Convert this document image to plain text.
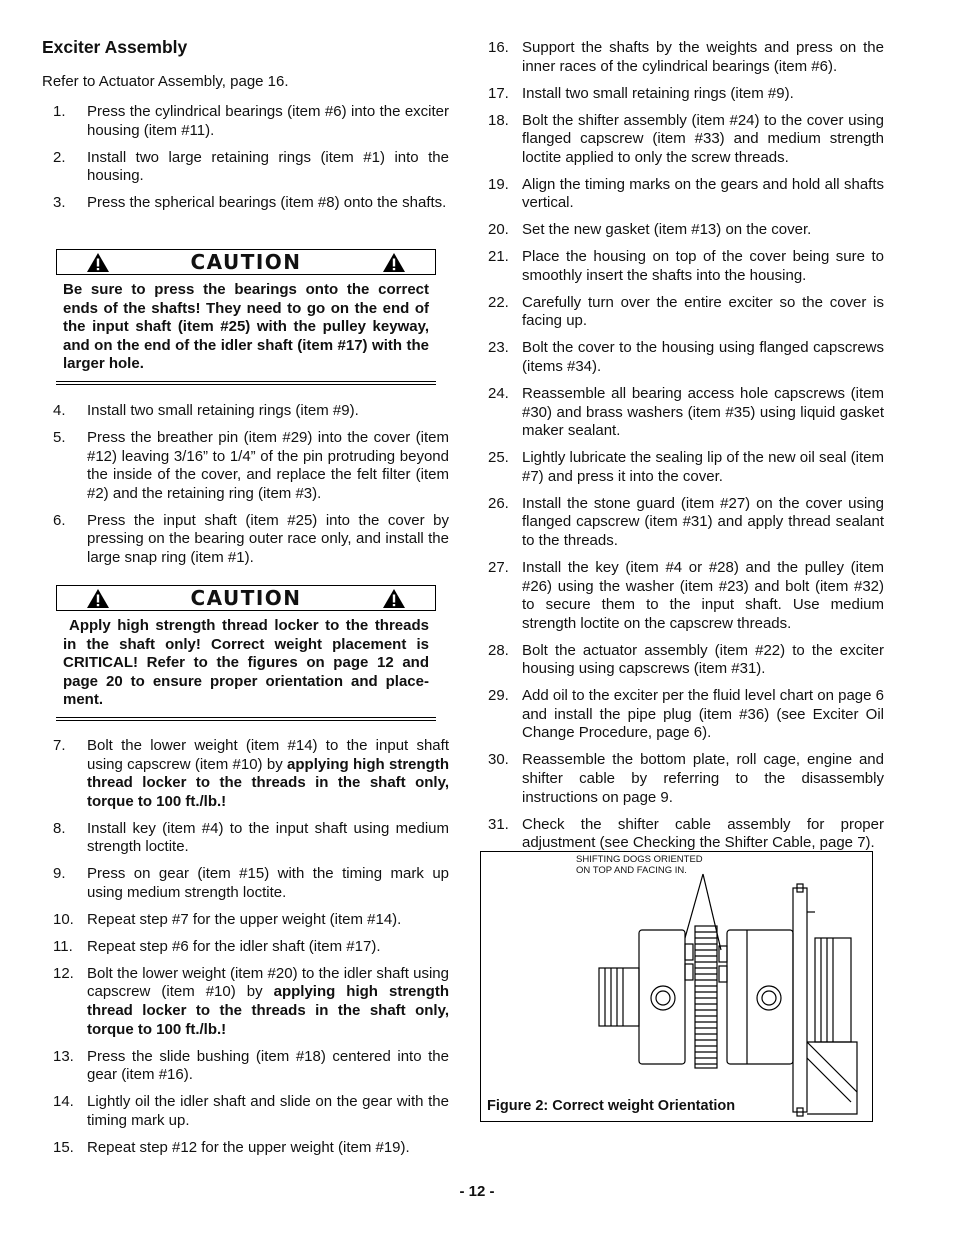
Exciter Assembly
Refer to Actuator Assembly, page 16.
1. Press the cylindrical bearings (item #6) into the exciter housing (item #11).
2. Install two large retaining rings (item #1) into the housing.
3. Press the spherical bearings (item #8) onto the shafts.
CAUTION
Be sure to press the bearings onto the correct ends of the shafts! They need to go on the end of the input shaft (item #25) with the pulley keyway, and on the end of the idler shaft (item #17) with the larger hole.
4. Install two small retaining rings (item #9).
5. Press the breather pin (item #29) into the cover (item #12) leaving 3/16” to 1/4” of the pin protruding beyond the inside of the cover, and replace the felt filter (item #2) and the retaining ring (item #3).
6. Press the input shaft (item #25) into the cover by pressing on the bearing outer race only, and install the large snap ring (item #1).
CAUTION
Apply high strength thread locker to the threads in the shaft only! Correct weight placement is CRITICAL! Refer to the figures on page 12 and page 20 to ensure proper orientation and place-ment.
7. Bolt the lower weight (item #14) to the input shaft using capscrew (item #10) by applying high strength thread locker to the threads in the shaft only, torque to 100 ft./lb.!
8. Install key (item #4) to the input shaft using medium strength loctite.
9. Press on gear (item #15) with the timing mark up using medium strength loctite.
10. Repeat step #7 for the upper weight (item #14).
11. Repeat step #6 for the idler shaft (item #17).
12. Bolt the lower weight (item #20) to the idler shaft using capscrew (item #10) by applying high strength thread locker to the threads in the shaft only, torque to 100 ft./lb.!
13. Press the slide bushing (item #18) centered into the gear (item #16).
14. Lightly oil the idler shaft and slide on the gear with the timing mark up.
15. Repeat step #12 for the upper weight (item #19).
16. Support the shafts by the weights and press on the inner races of the cylindrical bearings (item #6).
17. Install two small retaining rings (item #9).
18. Bolt the shifter assembly (item #24) to the cover using flanged capscrew (item #33) and medium strength loctite applied to only the screw threads.
19. Align the timing marks on the gears and hold all shafts vertical.
20. Set the new gasket (item #13) on the cover.
21. Place the housing on top of the cover being sure to smoothly insert the shafts into the housing.
22. Carefully turn over the entire exciter so the cover is facing up.
23. Bolt the cover to the housing using flanged capscrews (items #34).
24. Reassemble all bearing access hole capscrews (item #30) and brass washers (item #35) using liquid gasket maker sealant.
25. Lightly lubricate the sealing lip of the new oil seal (item #7) and press it into the cover.
26. Install the stone guard (item #27) on the cover using flanged capscrew (item #31) and apply thread sealant to the threads.
27. Install the key (item #4 or #28) and the pulley (item #26) using the washer (item #23) and bolt (item #32) to secure them to the input shaft. Use medium strength loctite on the capscrew threads.
28. Bolt the actuator assembly (item #22) to the exciter housing using capscrews (item #31).
29. Add oil to the exciter per the fluid level chart on page 6 and install the pipe plug (item #36) (see Exciter Oil Change Procedure, page 6).
30. Reassemble the bottom plate, roll cage, engine and shifter cable by referring to the disassembly instructions on page 9.
31. Check the shifter cable assembly for proper adjustment (see Checking the Shifter Cable, page 7).
SHIFTING DOGS ORIENTED
ON TOP AND FACING IN.
Figure 2: Correct weight Orientation
- 12 -
